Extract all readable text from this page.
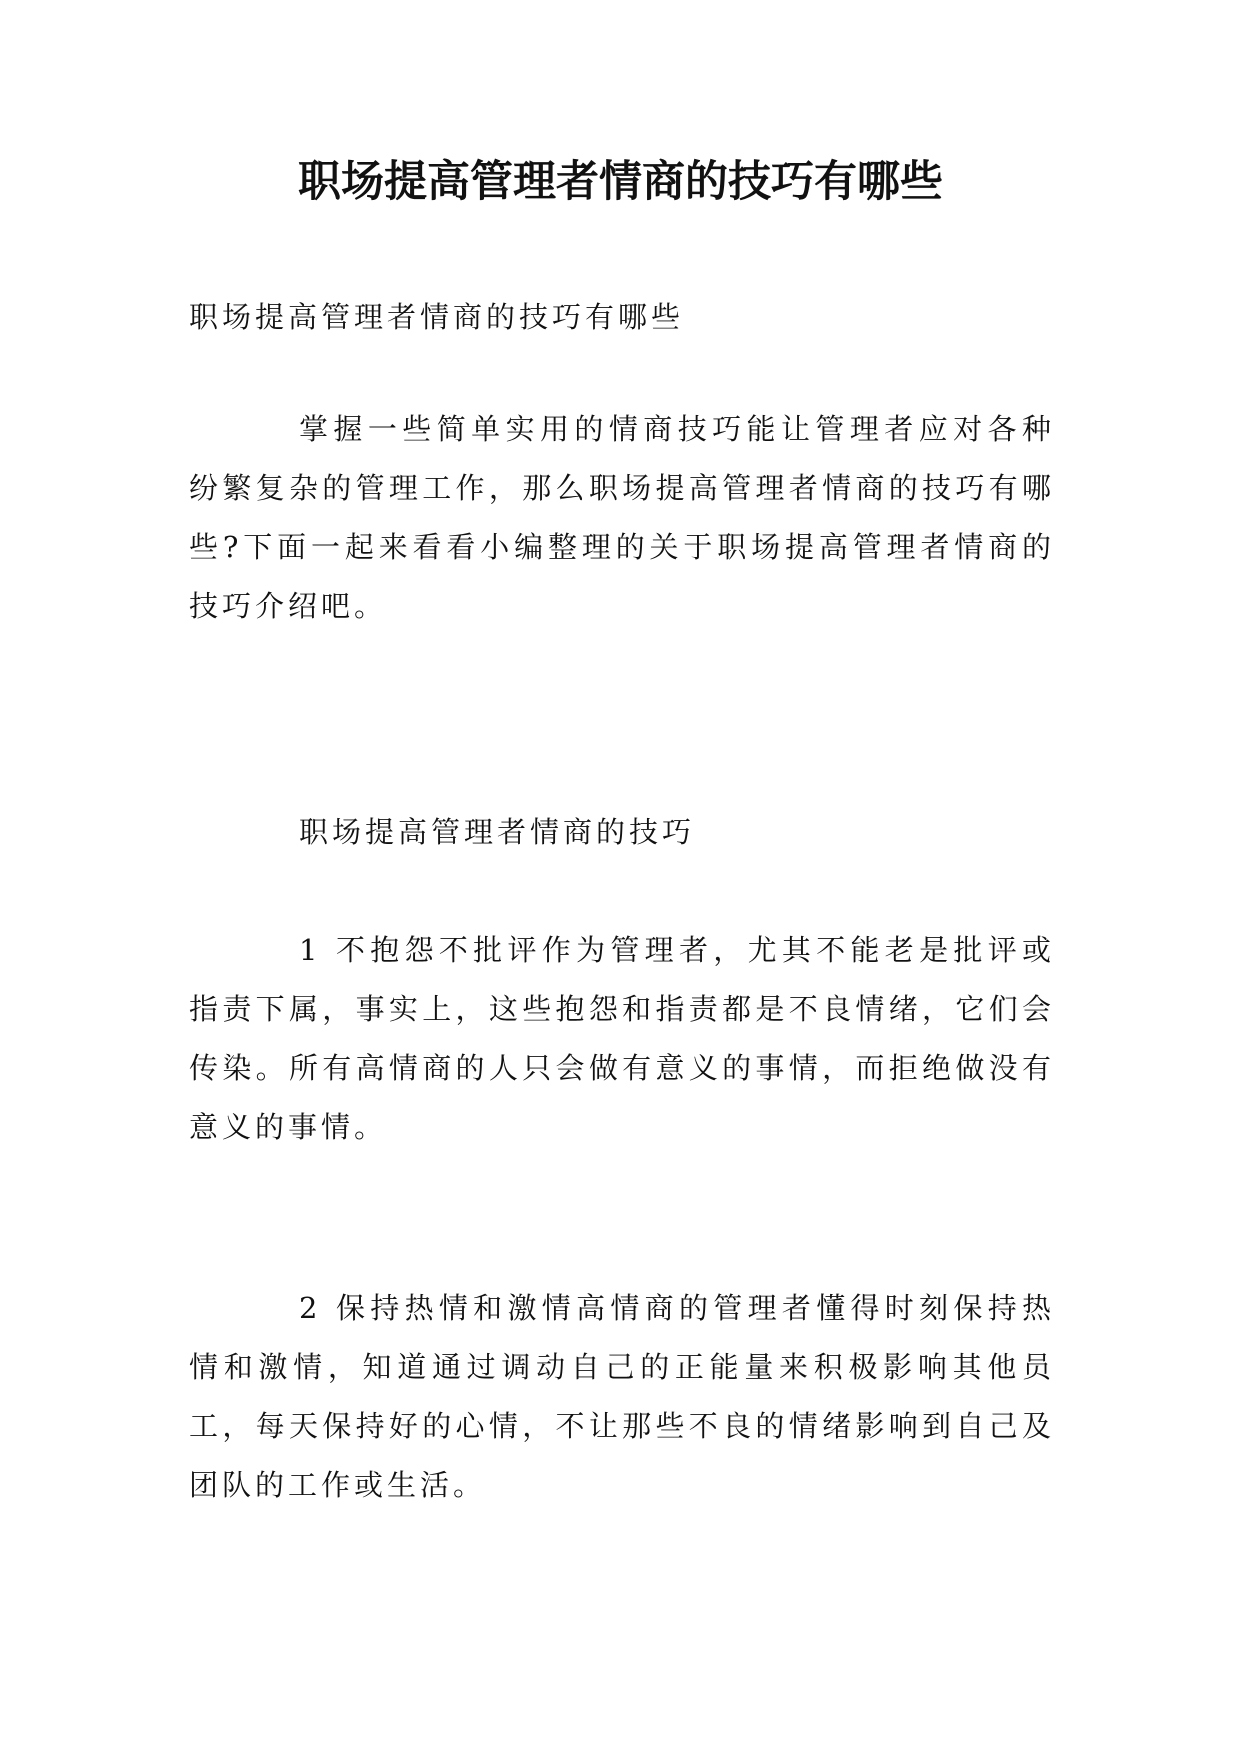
职场提高管理者情商的技巧有哪些

职场提高管理者情商的技巧有哪些

掌握一些简单实用的情商技巧能让管理者应对各种纷繁复杂的管理工作，那么职场提高管理者情商的技巧有哪些?下面一起来看看小编整理的关于职场提高管理者情商的技巧介绍吧。

职场提高管理者情商的技巧

1 不抱怨不批评作为管理者，尤其不能老是批评或指责下属，事实上，这些抱怨和指责都是不良情绪，它们会传染。所有高情商的人只会做有意义的事情，而拒绝做没有意义的事情。

2 保持热情和激情高情商的管理者懂得时刻保持热情和激情，知道通过调动自己的正能量来积极影响其他员工，每天保持好的心情，不让那些不良的情绪影响到自己及团队的工作或生活。
